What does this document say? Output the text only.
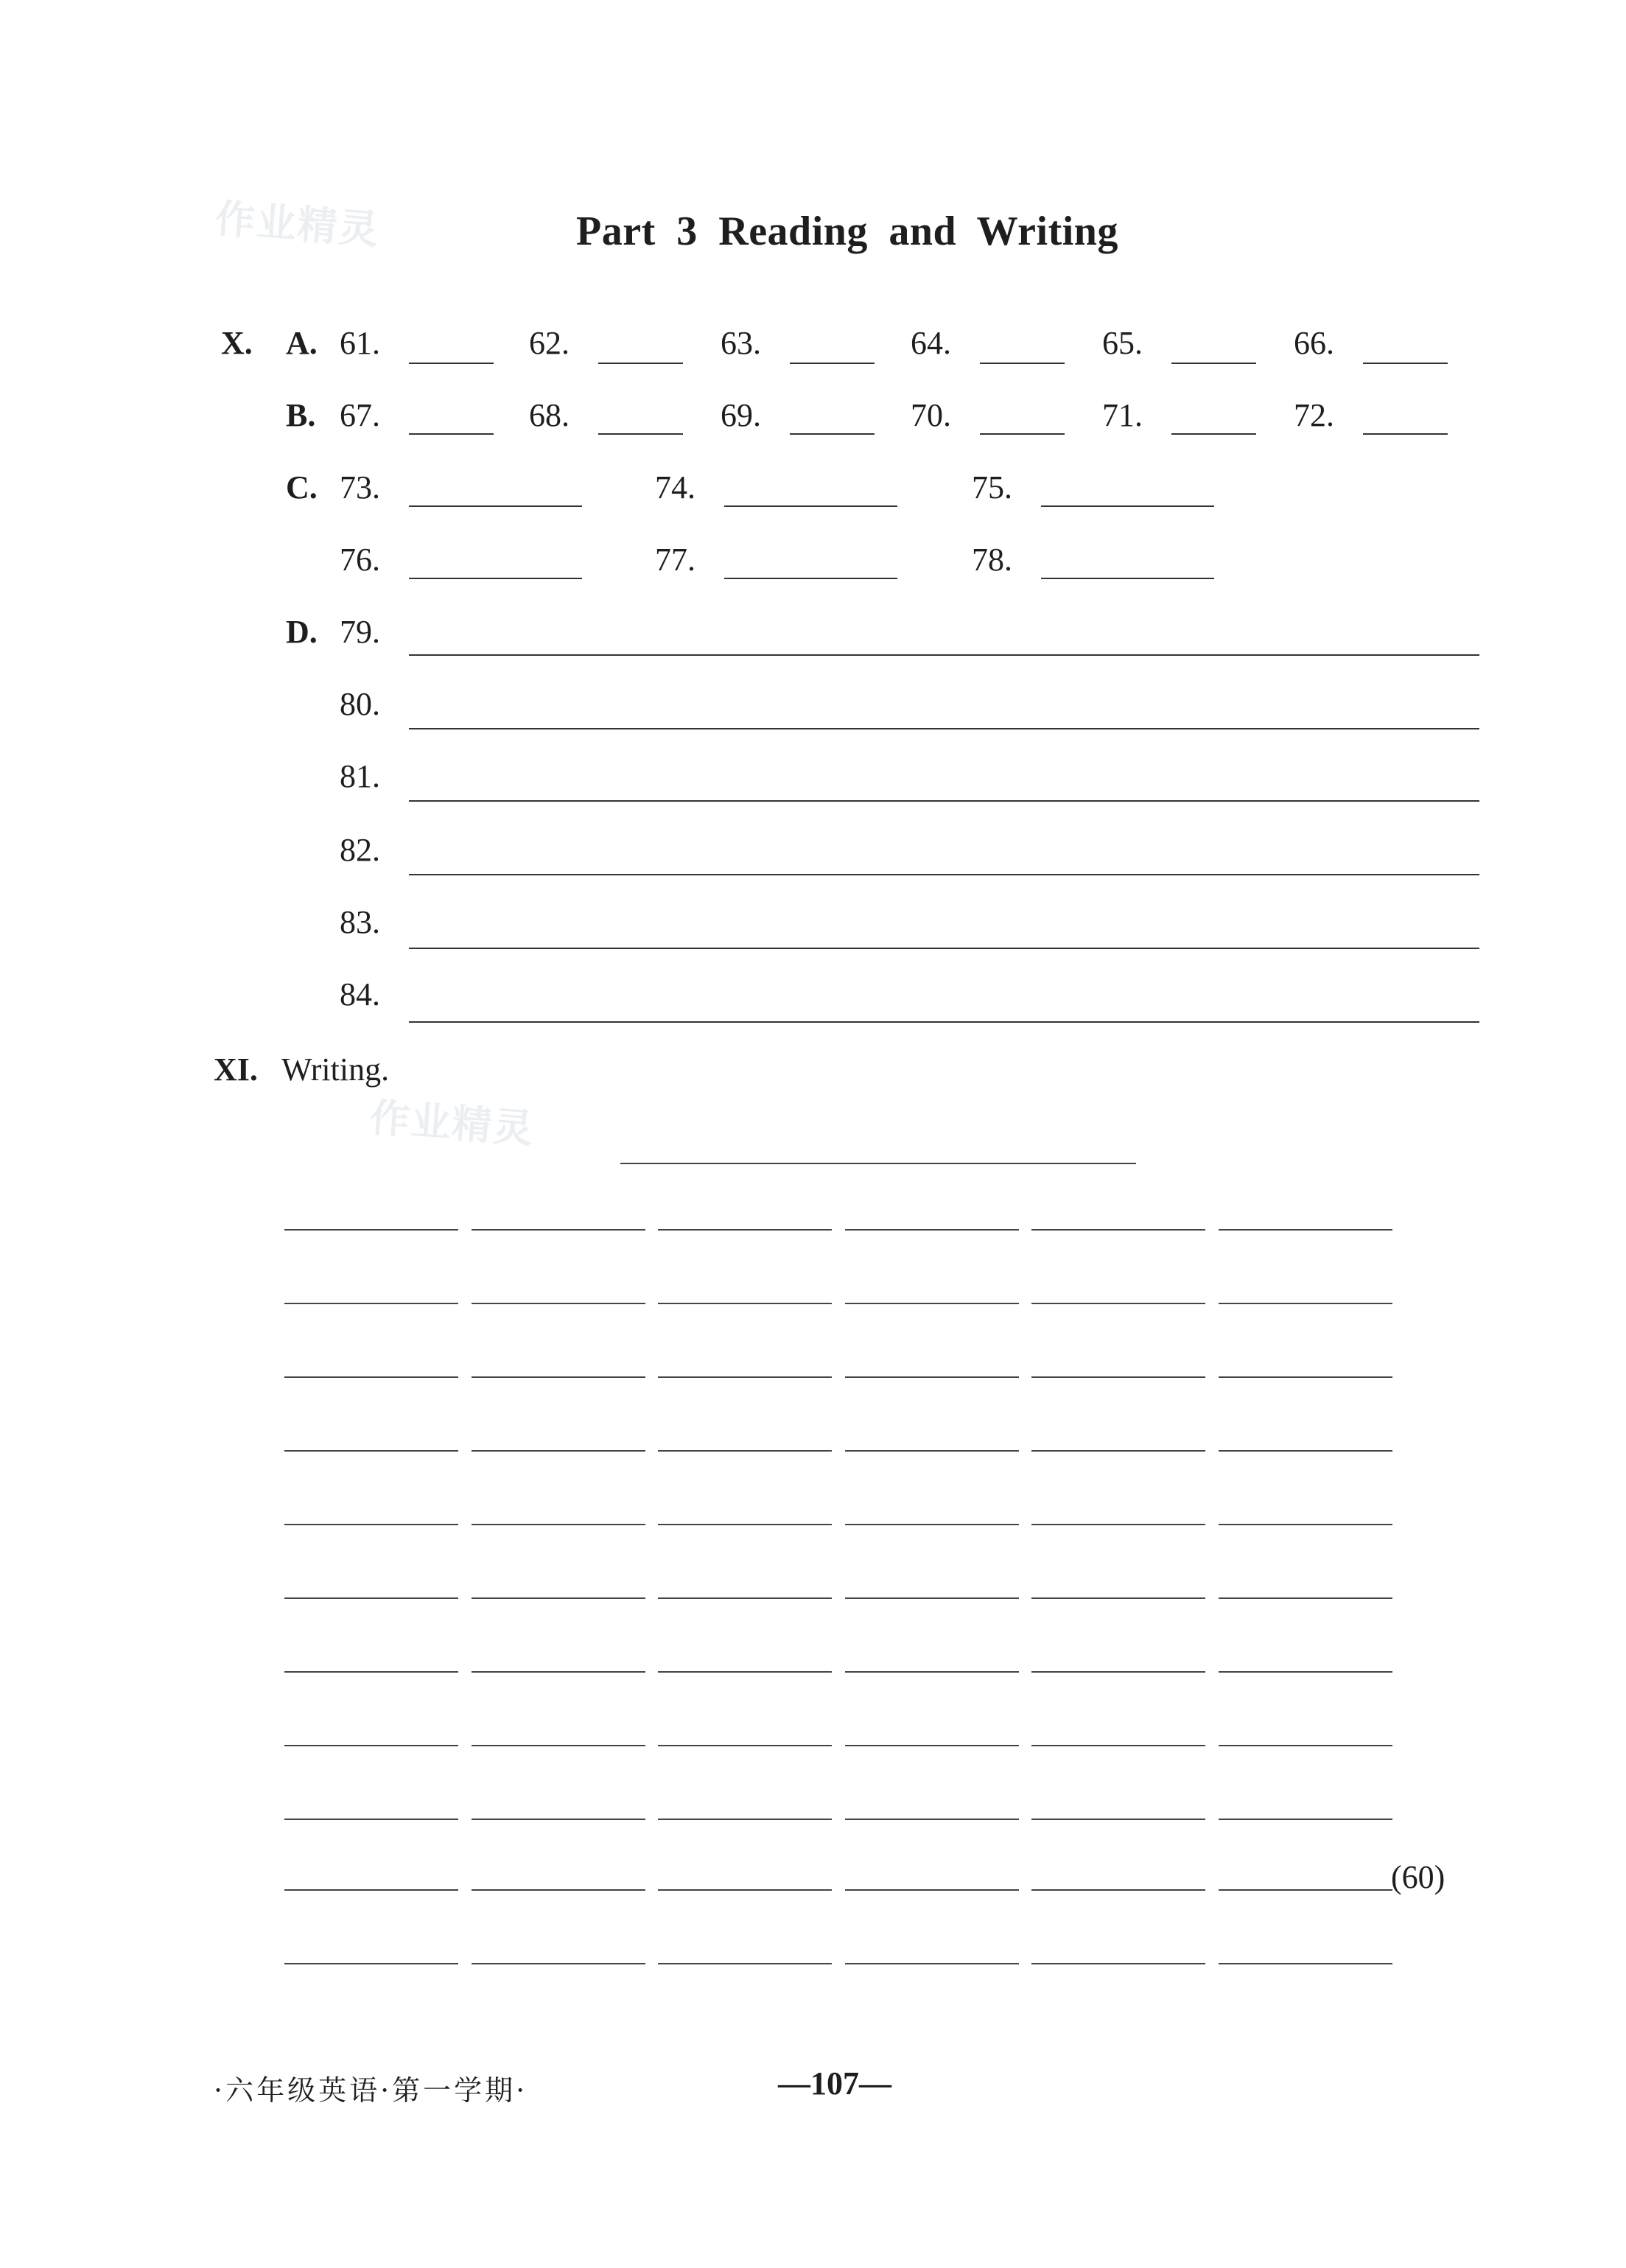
作业精灵
作业精灵
Part 3 Reading and Writing
X. A. 61.	62.	63.	64.	65.	66.
B. 67.	68.	69.	70.	71.	72.
C. 73.	74.	75.
76.	77.	78.
D. 79.
80.
81.
82.
83.
84.
XI. Writing.
(60)
·六年级英语·第一学期·	—107—
